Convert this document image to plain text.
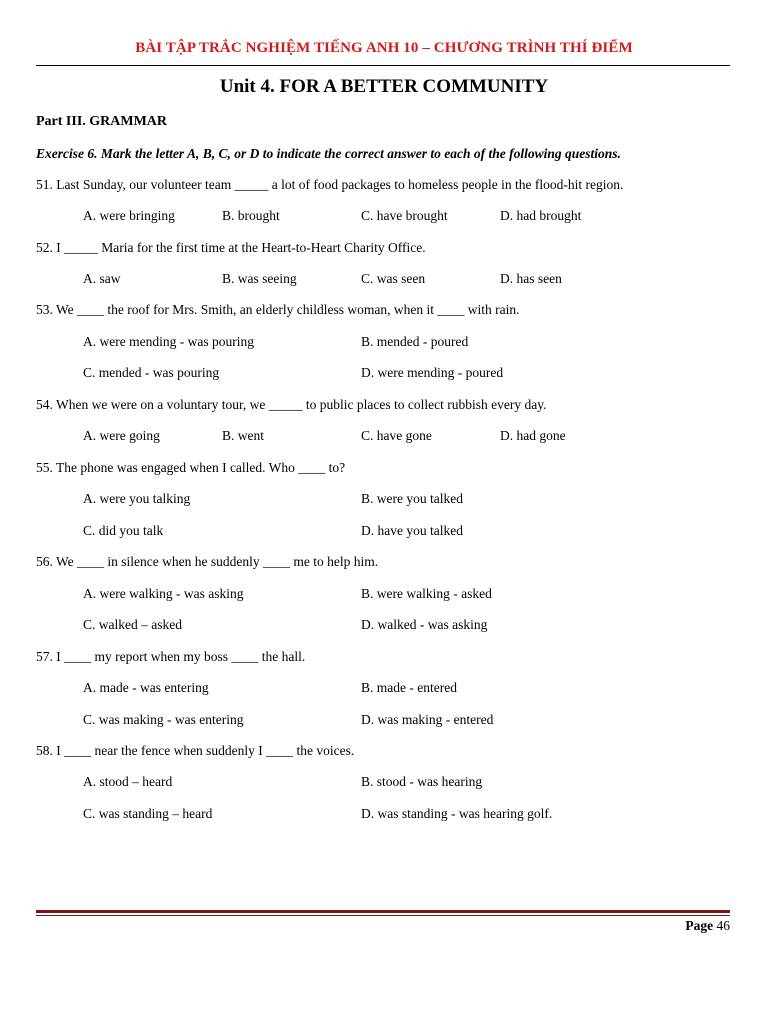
BÀI TẬP TRẮC NGHIỆM TIẾNG ANH 10 – CHƯƠNG TRÌNH THÍ ĐIỂM
Unit 4. FOR A BETTER COMMUNITY
Part III. GRAMMAR
Exercise 6. Mark the letter A, B, C, or D to indicate the correct answer to each of the following questions.
51. Last Sunday, our volunteer team _____ a lot of food packages to homeless people in the flood-hit region.
A. were bringing	B. brought	C. have brought	D. had brought
52. I _____ Maria for the first time at the Heart-to-Heart Charity Office.
A. saw	B. was seeing	C. was seen	D. has seen
53. We ____ the roof for Mrs. Smith, an elderly childless woman, when it ____ with rain.
A. were mending - was pouring	B. mended - poured
C. mended - was pouring	D. were mending - poured
54. When we were on a voluntary tour, we _____ to public places to collect rubbish every day.
A. were going	B. went	C. have gone	D. had gone
55. The phone was engaged when I called. Who ____ to?
A. were you talking	B. were you talked
C. did you talk	D. have you talked
56. We ____ in silence when he suddenly ____ me to help him.
A. were walking - was asking	B. were walking - asked
C. walked – asked	D. walked - was asking
57. I ____ my report when my boss ____ the hall.
A. made - was entering	B. made - entered
C. was making - was entering	D. was making - entered
58. I ____ near the fence when suddenly I ____ the voices.
A. stood – heard	B. stood - was hearing
C. was standing – heard	D. was standing - was hearing golf.
Page 46
